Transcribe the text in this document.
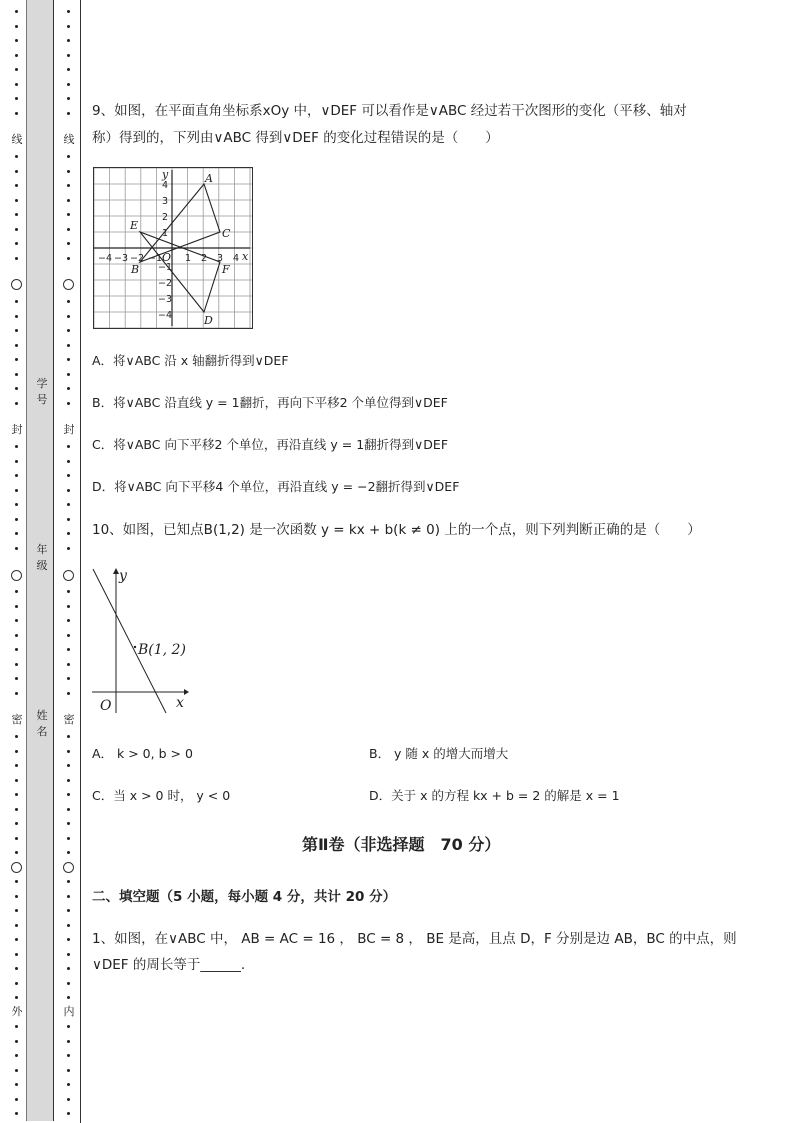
线
封
密
外
线
封
密
内
学号
年级
姓名
9、如图，在平面直角坐标系xOy 中，∨DEF 可以看作是∨ABC 经过若干次图形的变化（平移、轴对
称）得到的，下列由∨ABC 得到∨DEF 的变化过程错误的是（　　）
x
y
O
A
B
C
D
E
F
−4 −3 −2 −1 1 2 3 4
4
3
2
1
−1
−2
−3
−4
A．将∨ABC 沿 x 轴翻折得到∨DEF
B．将∨ABC 沿直线 y = 1翻折，再向下平移2 个单位得到∨DEF
C．将∨ABC 向下平移2 个单位，再沿直线 y = 1翻折得到∨DEF
D．将∨ABC 向下平移4 个单位，再沿直线 y = −2翻折得到∨DEF
10、如图，已知点B(1,2) 是一次函数 y = kx + b(k ≠ 0) 上的一个点，则下列判断正确的是（　　）
y
x
O
B(1, 2)
A． k > 0, b > 0	B． y 随 x 的增大而增大
C．当 x > 0 时， y < 0	D．关于 x 的方程 kx + b = 2 的解是 x = 1
第Ⅱ卷（非选择题　70 分）
二、填空题（5 小题，每小题 4 分，共计 20 分）
1、如图，在∨ABC 中， AB = AC = 16 ， BC = 8 ， BE 是高，且点 D，F 分别是边 AB，BC 的中点，则
∨DEF 的周长等于______.
